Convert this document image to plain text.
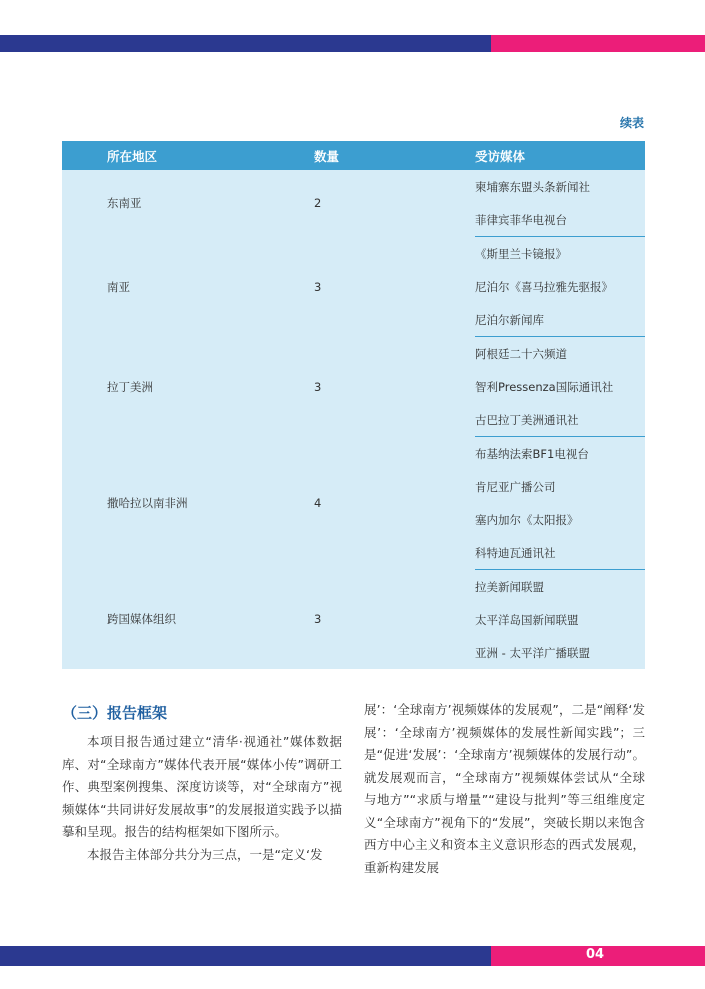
续表
所在地区	数量	受访媒体
东南亚	2	柬埔寨东盟头条新闻社
		菲律宾菲华电视台
南亚	3	《斯里兰卡镜报》
		尼泊尔《喜马拉雅先驱报》
		尼泊尔新闻库
拉丁美洲	3	阿根廷二十六频道
		智利Pressenza国际通讯社
		古巴拉丁美洲通讯社
撒哈拉以南非洲	4	布基纳法索BF1电视台
		肯尼亚广播公司
		塞内加尔《太阳报》
		科特迪瓦通讯社
跨国媒体组织	3	拉美新闻联盟
		太平洋岛国新闻联盟
		亚洲 - 太平洋广播联盟
（三）报告框架

本项目报告通过建立“清华·视通社”媒体数据库、对“全球南方”媒体代表开展“媒体小传”调研工作、典型案例搜集、深度访谈等，对“全球南方”视频媒体“共同讲好发展故事”的发展报道实践予以描摹和呈现。报告的结构框架如下图所示。

本报告主体部分共分为三点，一是“定义‘发

展’：‘全球南方’视频媒体的发展观”，二是“阐释‘发展’：‘全球南方’视频媒体的发展性新闻实践”；三是“促进‘发展’：‘全球南方’视频媒体的发展行动”。就发展观而言，“全球南方”视频媒体尝试从“全球与地方”“求质与增量”“建设与批判”等三组维度定义“全球南方”视角下的“发展”，突破长期以来饱含西方中心主义和资本主义意识形态的西式发展观，重新构建发展

04
